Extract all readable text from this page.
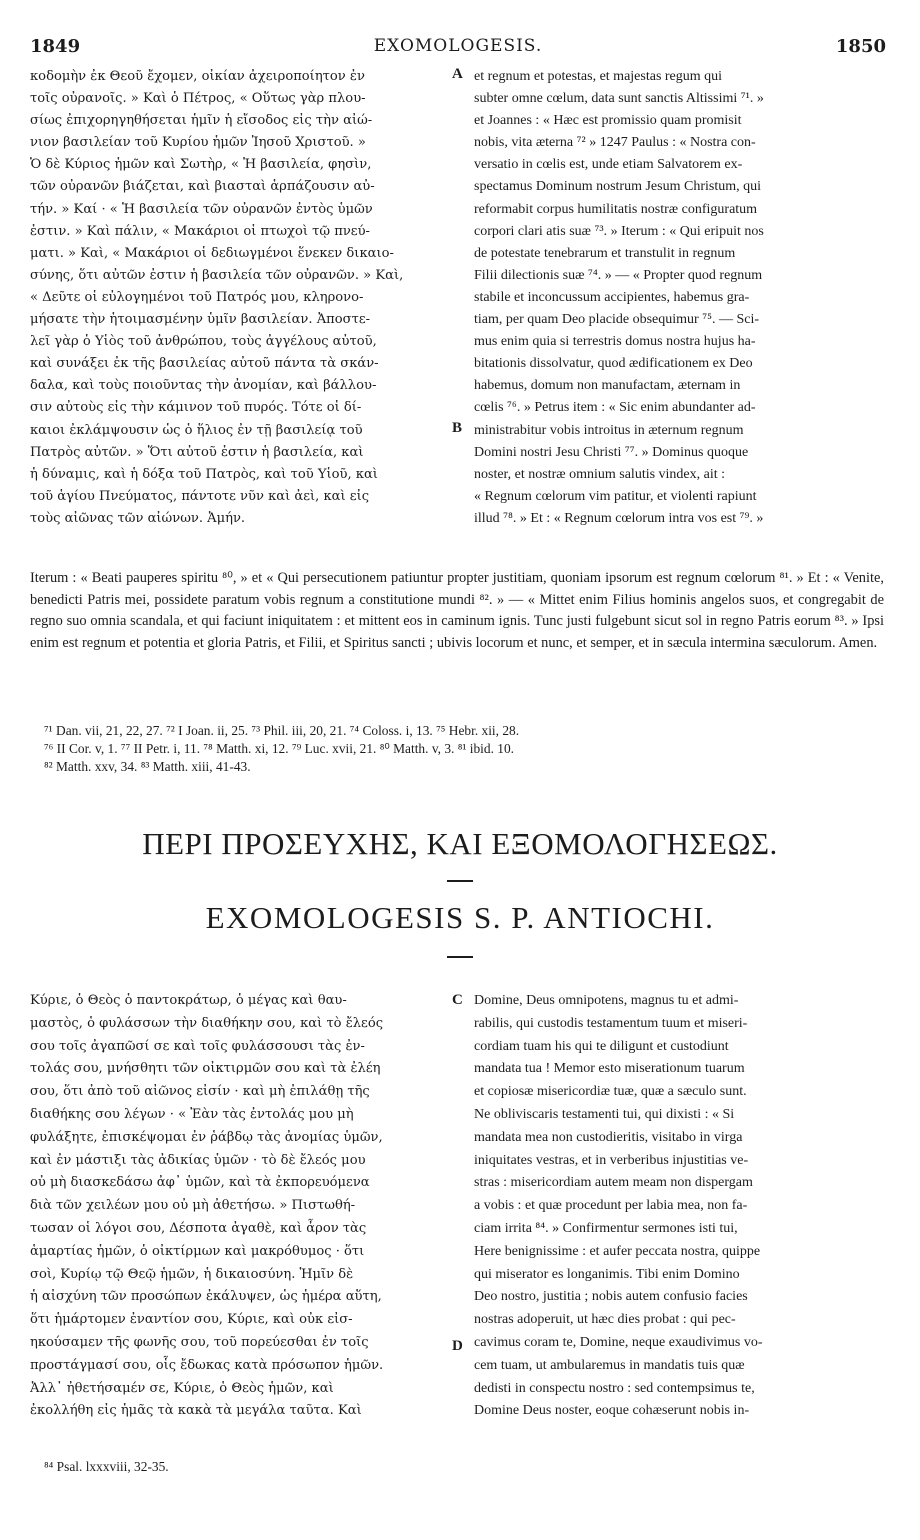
1849	EXOMOLOGESIS.	1850

κοδομὴν ἐκ Θεοῦ ἔχομεν, οἰκίαν ἀχειροποίητον ἐν

τοῖς οὐρανοῖς. » Καὶ ὁ Πέτρος, « Οὕτως γὰρ πλου-

σίως ἐπιχορηγηθήσεται ἡμῖν ἡ εἴσοδος εἰς τὴν αἰώ-

νιον βασιλείαν τοῦ Κυρίου ἡμῶν Ἰησοῦ Χριστοῦ. »

Ὁ δὲ Κύριος ἡμῶν καὶ Σωτὴρ, « Ἡ βασιλεία, φησὶν,

τῶν οὐρανῶν βιάζεται, καὶ βιασταὶ ἁρπάζουσιν αὐ-

τήν. » Καί · « Ἡ βασιλεία τῶν οὐρανῶν ἐντὸς ὑμῶν

ἐστιν. » Καὶ πάλιν, « Μακάριοι οἱ πτωχοὶ τῷ πνεύ-

ματι. » Καὶ, « Μακάριοι οἱ δεδιωγμένοι ἕνεκεν δικαιο-

σύνης, ὅτι αὐτῶν ἐστιν ἡ βασιλεία τῶν οὐρανῶν. » Καὶ,

« Δεῦτε οἱ εὐλογημένοι τοῦ Πατρός μου, κληρονο-

μήσατε τὴν ἡτοιμασμένην ὑμῖν βασιλείαν. Ἀποστε-

λεῖ γὰρ ὁ Υἱὸς τοῦ ἀνθρώπου, τοὺς ἀγγέλους αὐτοῦ,

καὶ συνάξει ἐκ τῆς βασιλείας αὐτοῦ πάντα τὰ σκάν-

δαλα, καὶ τοὺς ποιοῦντας τὴν ἀνομίαν, καὶ βάλλου-

σιν αὐτοὺς εἰς τὴν κάμινον τοῦ πυρός. Τότε οἱ δί-

καιοι ἐκλάμψουσιν ὡς ὁ ἥλιος ἐν τῇ βασιλείᾳ τοῦ

Πατρὸς αὐτῶν. » Ὅτι αὐτοῦ ἐστιν ἡ βασιλεία, καὶ

ἡ δύναμις, καὶ ἡ δόξα τοῦ Πατρὸς, καὶ τοῦ Υἱοῦ, καὶ

τοῦ ἁγίου Πνεύματος, πάντοτε νῦν καὶ ἀεὶ, καὶ εἰς

τοὺς αἰῶνας τῶν αἰώνων. Ἀμήν.

et regnum et potestas, et majestas regum qui

subter omne cœlum, data sunt sanctis Altissimi ⁷¹. »

et Joannes : « Hæc est promissio quam promisit

nobis, vita æterna ⁷² » 1247 Paulus : « Nostra con-

versatio in cœlis est, unde etiam Salvatorem ex-

spectamus Dominum nostrum Jesum Christum, qui

reformabit corpus humilitatis nostræ configuratum

corpori clari atis suæ ⁷³. » Iterum : « Qui eripuit nos

de potestate tenebrarum et transtulit in regnum

Filii dilectionis suæ ⁷⁴. » — « Propter quod regnum

stabile et inconcussum accipientes, habemus gra-

tiam, per quam Deo placide obsequimur ⁷⁵. — Sci-

mus enim quia si terrestris domus nostra hujus ha-

bitationis dissolvatur, quod ædificationem ex Deo

habemus, domum non manufactam, æternam in

cœlis ⁷⁶. » Petrus item : « Sic enim abundanter ad-

ministrabitur vobis introitus in æternum regnum

Domini nostri Jesu Christi ⁷⁷. » Dominus quoque

noster, et nostræ omnium salutis vindex, ait :

« Regnum cœlorum vim patitur, et violenti rapiunt

illud ⁷⁸. » Et : « Regnum cœlorum intra vos est ⁷⁹. »

A
B
Iterum : « Beati pauperes spiritu ⁸⁰, » et « Qui persecutionem patiuntur propter justitiam, quoniam ipsorum est regnum cœlorum ⁸¹. » Et : « Venite, benedicti Patris mei, possidete paratum vobis regnum a constitutione mundi ⁸². » — « Mittet enim Filius hominis angelos suos, et congregabit de regno suo omnia scandala, et qui faciunt iniquitatem : et mittent eos in caminum ignis. Tunc justi fulgebunt sicut sol in regno Patris eorum ⁸³. » Ipsi enim est regnum et potentia et gloria Patris, et Filii, et Spiritus sancti ; ubivis locorum et nunc, et semper, et in sæcula intermina sæculorum. Amen.

⁷¹ Dan. vii, 21, 22, 27. ⁷² I Joan. ii, 25. ⁷³ Phil. iii, 20, 21. ⁷⁴ Coloss. i, 13. ⁷⁵ Hebr. xii, 28.

⁷⁶ II Cor. v, 1. ⁷⁷ II Petr. i, 11. ⁷⁸ Matth. xi, 12. ⁷⁹ Luc. xvii, 21. ⁸⁰ Matth. v, 3. ⁸¹ ibid. 10.

⁸² Matth. xxv, 34. ⁸³ Matth. xiii, 41-43.

ΠΕΡΙ ΠΡΟΣΕΥΧΗΣ, ΚΑΙ ΕΞΟΜΟΛΟΓΗΣΕΩΣ.
EXOMOLOGESIS S. P. ANTIOCHI.

Κύριε, ὁ Θεὸς ὁ παντοκράτωρ, ὁ μέγας καὶ θαυ-

μαστὸς, ὁ φυλάσσων τὴν διαθήκην σου, καὶ τὸ ἔλεός

σου τοῖς ἀγαπῶσί σε καὶ τοῖς φυλάσσουσι τὰς ἐν-

τολάς σου, μνήσθητι τῶν οἰκτιρμῶν σου καὶ τὰ ἐλέη

σου, ὅτι ἀπὸ τοῦ αἰῶνος εἰσίν · καὶ μὴ ἐπιλάθῃ τῆς

διαθήκης σου λέγων · « Ἐὰν τὰς ἐντολάς μου μὴ

φυλάξητε, ἐπισκέψομαι ἐν ῥάβδῳ τὰς ἀνομίας ὑμῶν,

καὶ ἐν μάστιξι τὰς ἀδικίας ὑμῶν · τὸ δὲ ἔλεός μου

οὐ μὴ διασκεδάσω ἀφ᾽ ὑμῶν, καὶ τὰ ἐκπορευόμενα

διὰ τῶν χειλέων μου οὐ μὴ ἀθετήσω. » Πιστωθή-

τωσαν οἱ λόγοι σου, Δέσποτα ἀγαθὲ, καὶ ἆρον τὰς

ἁμαρτίας ἡμῶν, ὁ οἰκτίρμων καὶ μακρόθυμος · ὅτι

σοὶ, Κυρίῳ τῷ Θεῷ ἡμῶν, ἡ δικαιοσύνη. Ἡμῖν δὲ

ἡ αἰσχύνη τῶν προσώπων ἐκάλυψεν, ὡς ἡμέρα αὕτη,

ὅτι ἡμάρτομεν ἐναντίον σου, Κύριε, καὶ οὐκ εἰσ-

ηκούσαμεν τῆς φωνῆς σου, τοῦ πορεύεσθαι ἐν τοῖς

προστάγμασί σου, οἷς ἔδωκας κατὰ πρόσωπον ἡμῶν.

Ἀλλ᾽ ἠθετήσαμέν σε, Κύριε, ὁ Θεὸς ἡμῶν, καὶ

ἐκολλήθη εἰς ἡμᾶς τὰ κακὰ τὰ μεγάλα ταῦτα. Καὶ

Domine, Deus omnipotens, magnus tu et admi-

rabilis, qui custodis testamentum tuum et miseri-

cordiam tuam his qui te diligunt et custodiunt

mandata tua ! Memor esto miserationum tuarum

et copiosæ misericordiæ tuæ, quæ a sæculo sunt.

Ne obliviscaris testamenti tui, qui dixisti : « Si

mandata mea non custodieritis, visitabo in virga

iniquitates vestras, et in verberibus injustitias ve-

stras : misericordiam autem meam non dispergam

a vobis : et quæ procedunt per labia mea, non fa-

ciam irrita ⁸⁴. » Confirmentur sermones isti tui,

Here benignissime : et aufer peccata nostra, quippe

qui miserator es longanimis. Tibi enim Domino

Deo nostro, justitia ; nobis autem confusio facies

nostras adoperuit, ut hæc dies probat : qui pec-

cavimus coram te, Domine, neque exaudivimus vo-

cem tuam, ut ambularemus in mandatis tuis quæ

dedisti in conspectu nostro : sed contempsimus te,

Domine Deus noster, eoque cohæserunt nobis in-

C
D
⁸⁴ Psal. lxxxviii, 32-35.
